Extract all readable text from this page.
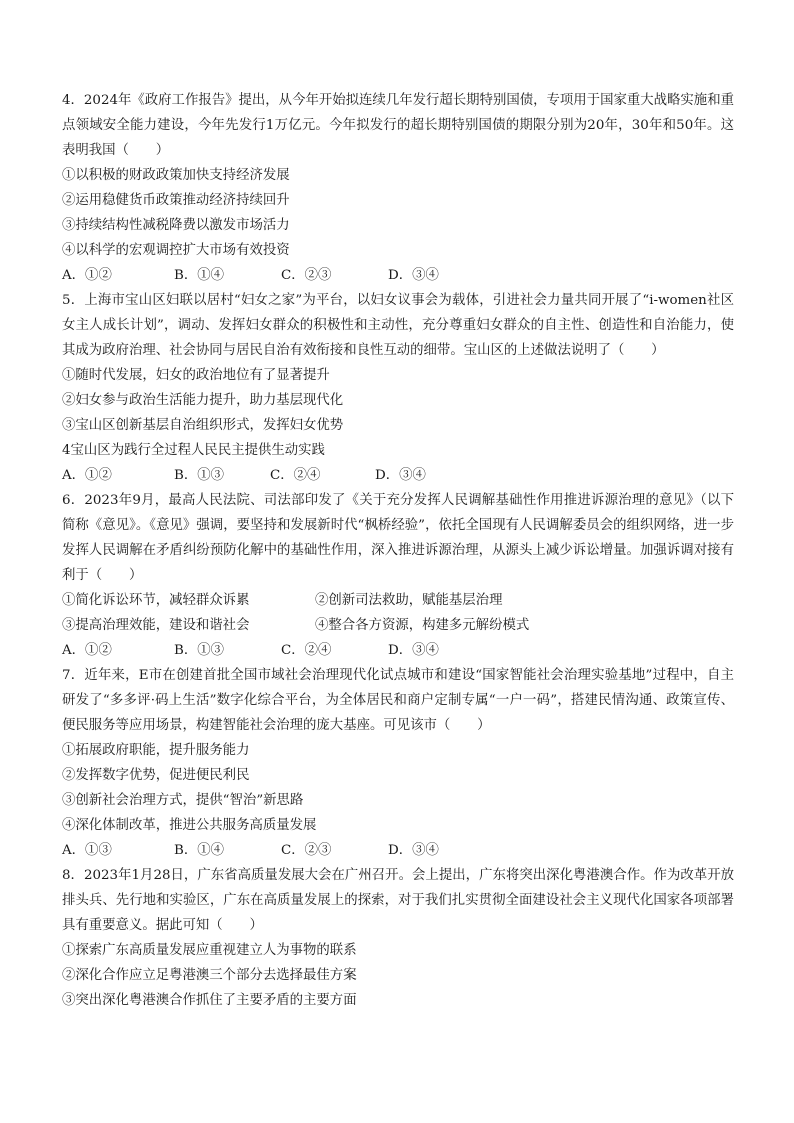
4．2024年《政府工作报告》提出，从今年开始拟连续几年发行超长期特别国债，专项用于国家重大战略实施和重点领域安全能力建设，今年先发行1万亿元。今年拟发行的超长期特别国债的期限分别为20年，30年和50年。这表明我国（　　）
①以积极的财政政策加快支持经济发展
②运用稳健货币政策推动经济持续回升
③持续结构性减税降费以激发市场活力
④以科学的宏观调控扩大市场有效投资
A．①②	B．①④	C．②③	D．③④
5．上海市宝山区妇联以居村“妇女之家”为平台，以妇女议事会为载体，引进社会力量共同开展了“i-women社区女主人成长计划”，调动、发挥妇女群众的积极性和主动性，充分尊重妇女群众的自主性、创造性和自治能力，使其成为政府治理、社会协同与居民自治有效衔接和良性互动的细带。宝山区的上述做法说明了（　　）
①随时代发展，妇女的政治地位有了显著提升
②妇女参与政治生活能力提升，助力基层现代化
③宝山区创新基层自治组织形式，发挥妇女优势
4宝山区为践行全过程人民民主提供生动实践
A．①②	B．①③	C．②④	D．③④
6．2023年9月，最高人民法院、司法部印发了《关于充分发挥人民调解基础性作用推进诉源治理的意见》（以下简称《意见》。《意见》强调，要坚持和发展新时代“枫桥经验”，依托全国现有人民调解委员会的组织网络，进一步发挥人民调解在矛盾纠纷预防化解中的基础性作用，深入推进诉源治理，从源头上减少诉讼增量。加强诉调对接有利于（　　）
①简化诉讼环节，减轻群众诉累	②创新司法救助，赋能基层治理
③提高治理效能，建设和谐社会	④整合各方资源，构建多元解纷模式
A．①②	B．①③	C．②④	D．③④
7．近年来，E市在创建首批全国市域社会治理现代化试点城市和建设“国家智能社会治理实验基地”过程中，自主研发了“多多评·码上生活”数字化综合平台，为全体居民和商户定制专属“一户一码”，搭建民情沟通、政策宣传、便民服务等应用场景，构建智能社会治理的庞大基座。可见该市（　　）
①拓展政府职能，提升服务能力
②发挥数字优势，促进便民利民
③创新社会治理方式，提供“智治”新思路
④深化体制改革，推进公共服务高质量发展
A．①③	B．①④	C．②③	D．③④
8．2023年1月28日，广东省高质量发展大会在广州召开。会上提出，广东将突出深化粤港澳合作。作为改革开放排头兵、先行地和实验区，广东在高质量发展上的探索，对于我们扎实贯彻全面建设社会主义现代化国家各项部署具有重要意义。据此可知（　　）
①探索广东高质量发展应重视建立人为事物的联系
②深化合作应立足粤港澳三个部分去选择最佳方案
③突出深化粤港澳合作抓住了主要矛盾的主要方面
